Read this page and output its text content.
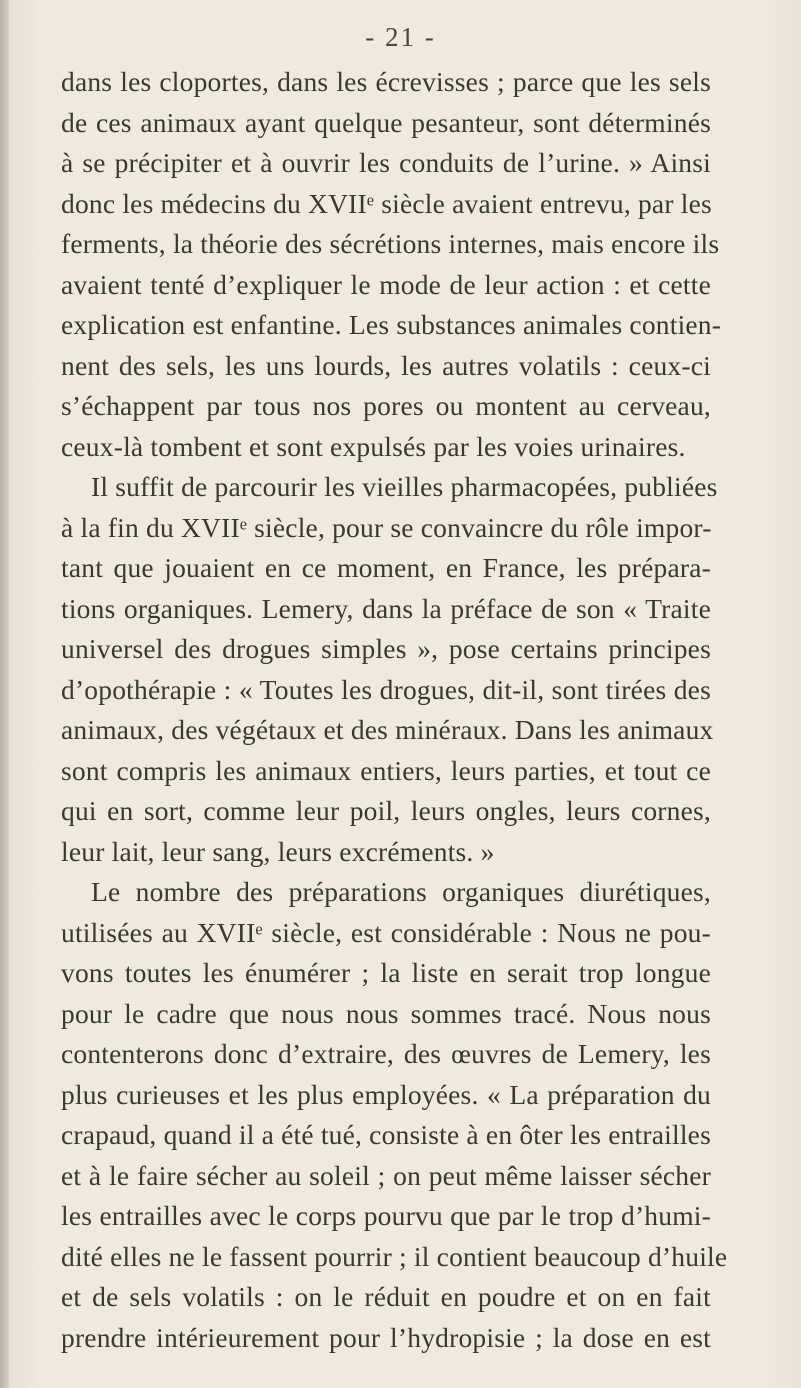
- 21 -
dans les cloportes, dans les écrevisses ; parce que les sels
de ces animaux ayant quelque pesanteur, sont déterminés
à se précipiter et à ouvrir les conduits de l’urine. » Ainsi
donc les médecins du XVIIᵉ siècle avaient entrevu, par les
ferments, la théorie des sécrétions internes, mais encore ils
avaient tenté d’expliquer le mode de leur action : et cette
explication est enfantine. Les substances animales contien-
nent des sels, les uns lourds, les autres volatils : ceux-ci
s’échappent par tous nos pores ou montent au cerveau,
ceux-là tombent et sont expulsés par les voies urinaires.
Il suffit de parcourir les vieilles pharmacopées, publiées
à la fin du XVIIᵉ siècle, pour se convaincre du rôle impor-
tant que jouaient en ce moment, en France, les prépara-
tions organiques. Lemery, dans la préface de son « Traite
universel des drogues simples », pose certains principes
d’opothérapie : « Toutes les drogues, dit-il, sont tirées des
animaux, des végétaux et des minéraux. Dans les animaux
sont compris les animaux entiers, leurs parties, et tout ce
qui en sort, comme leur poil, leurs ongles, leurs cornes,
leur lait, leur sang, leurs excréments. »
Le nombre des préparations organiques diurétiques,
utilisées au XVIIᵉ siècle, est considérable : Nous ne pou-
vons toutes les énumérer ; la liste en serait trop longue
pour le cadre que nous nous sommes tracé. Nous nous
contenterons donc d’extraire, des œuvres de Lemery, les
plus curieuses et les plus employées. « La préparation du
crapaud, quand il a été tué, consiste à en ôter les entrailles
et à le faire sécher au soleil ; on peut même laisser sécher
les entrailles avec le corps pourvu que par le trop d’humi-
dité elles ne le fassent pourrir ; il contient beaucoup d’huile
et de sels volatils : on le réduit en poudre et on en fait
prendre intérieurement pour l’hydropisie ; la dose en est
